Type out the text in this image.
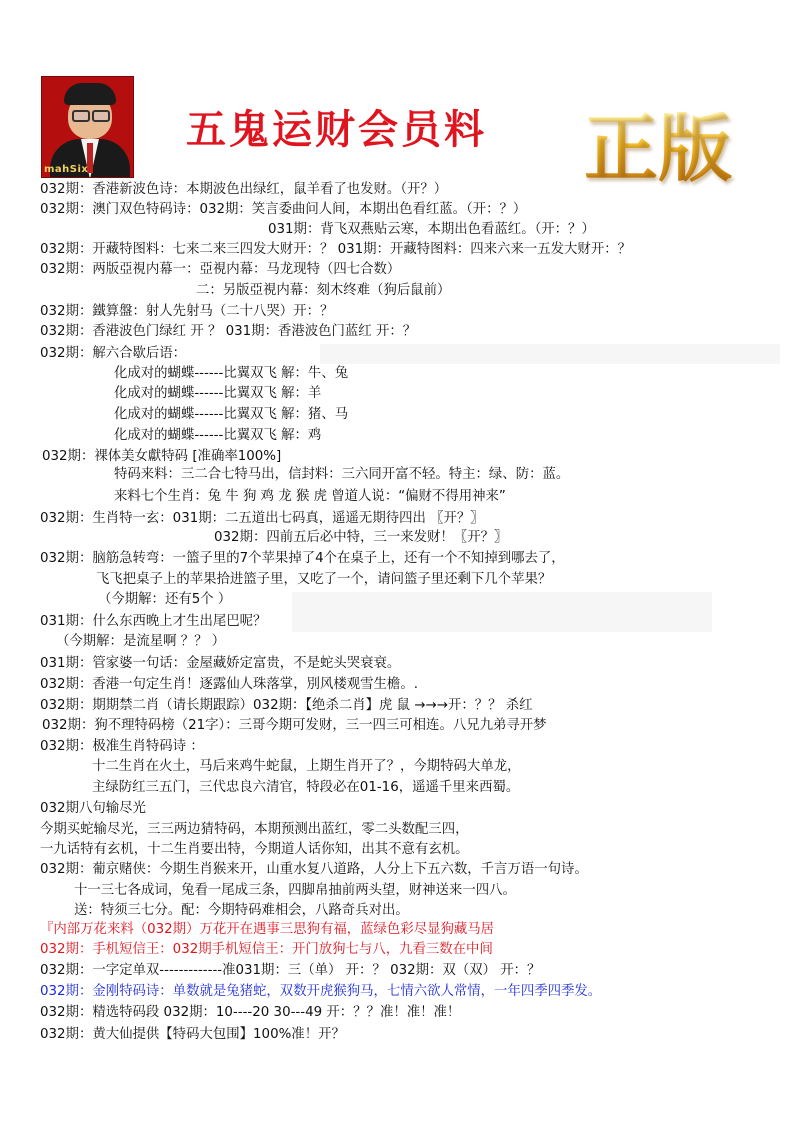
mahSix
五鬼运财会员料 正版
032期：香港新波色诗：本期波色出绿红，鼠羊看了也发财。（开？）
032期：澳门双色特码诗：032期：笑言委曲问人间，本期出色看红蓝。（开：？）
031期：背飞双燕贴云寒，本期出色看蓝红。（开：？）
032期：开藏特图料：七来二来三四发大财开：？ 031期：开藏特图料：四来六来一五发大财开：？
032期：两版亞視内幕一：亞視内幕：马龙现特（四七合数）
二：另版亞視内幕：刻木终难（狗后鼠前）
032期：鐵算盤：射人先射马（二十八哭）开：？
032期：香港波色门绿红 开 ？ 031期：香港波色门蓝红 开：？
032期：解六合歇后语：
化成对的蝴蝶------比翼双飞 解：牛、兔
化成对的蝴蝶------比翼双飞 解：羊
化成对的蝴蝶------比翼双飞 解：猪、马
化成对的蝴蝶------比翼双飞 解：鸡
032期：裸体美女獻特码 [准确率100%]
特码来料：三二合七特马出，信封料：三六同开富不轻。特主：绿、防：蓝。
来料七个生肖：兔 牛 狗 鸡 龙 猴 虎 曾道人说：“偏财不得用神来”
032期：生肖特一玄：031期：二五道出七码真，遥遥无期待四出 〖开？〗
032期：四前五后必中特，三一来发财！〖开？〗
032期：脑筋急转弯：一篮子里的7个苹果掉了4个在桌子上，还有一个不知掉到哪去了，
飞飞把桌子上的苹果拾进篮子里，又吃了一个，请问篮子里还剩下几个苹果？
（今期解：还有5个 ）
031期：什么东西晚上才生出尾巴呢？
（今期解：是流星啊 ？？ ）
031期：管家婆一句话：金屋藏娇定富贵，不是蛇头哭衰衰。
032期：香港一句定生肖！逐露仙人珠落掌，別风楼观雪生檐。.
032期：期期禁二肖（请长期跟踪）032期：【绝杀二肖】虎 鼠 →→→开：？？ 杀红
032期：狗不理特码榜（21字）：三哥今期可发财，三一四三可相连。八兄九弟寻开梦
032期：极准生肖特码诗 ：
十二生肖在火土，马后来鸡牛蛇鼠，上期生肖开了？，今期特码大单龙，
主绿防红三五门，三代忠良六清官，特段必在01-16，遥遥千里来西蜀。
032期八句输尽光
今期买蛇输尽光，三三两边猜特码，本期预测出蓝红，零二头数配三四，
一九话特有玄机，十二生肖要出特，今期道人话你知，出其不意有玄机。
032期：葡京赌侠：今期生肖猴来开，山重水复八道路，人分上下五六数，千言万语一句诗。
十一三七各成词，兔看一尾成三条，四脚帛抽前两头望，财神送来一四八。
送：特须三七分。配：今期特码难相会，八路奇兵对出。
『内部万花来料（032期）万花开在遇事三思狗有福，蓝绿色彩尽显狗藏马居
032期：手机短信王：032期手机短信王：开门放狗七与八，九看三数在中间
032期：一字定单双-------------准031期：三（单） 开：？ 032期：双（双） 开：？
032期：金刚特码诗：单数就是兔猪蛇，双数开虎猴狗马，七情六欲人常情，一年四季四季发。
032期：精选特码段 032期：10----20 30---49 开：？？准！准！准！
032期：黄大仙提供【特码大包围】100%准！开？
